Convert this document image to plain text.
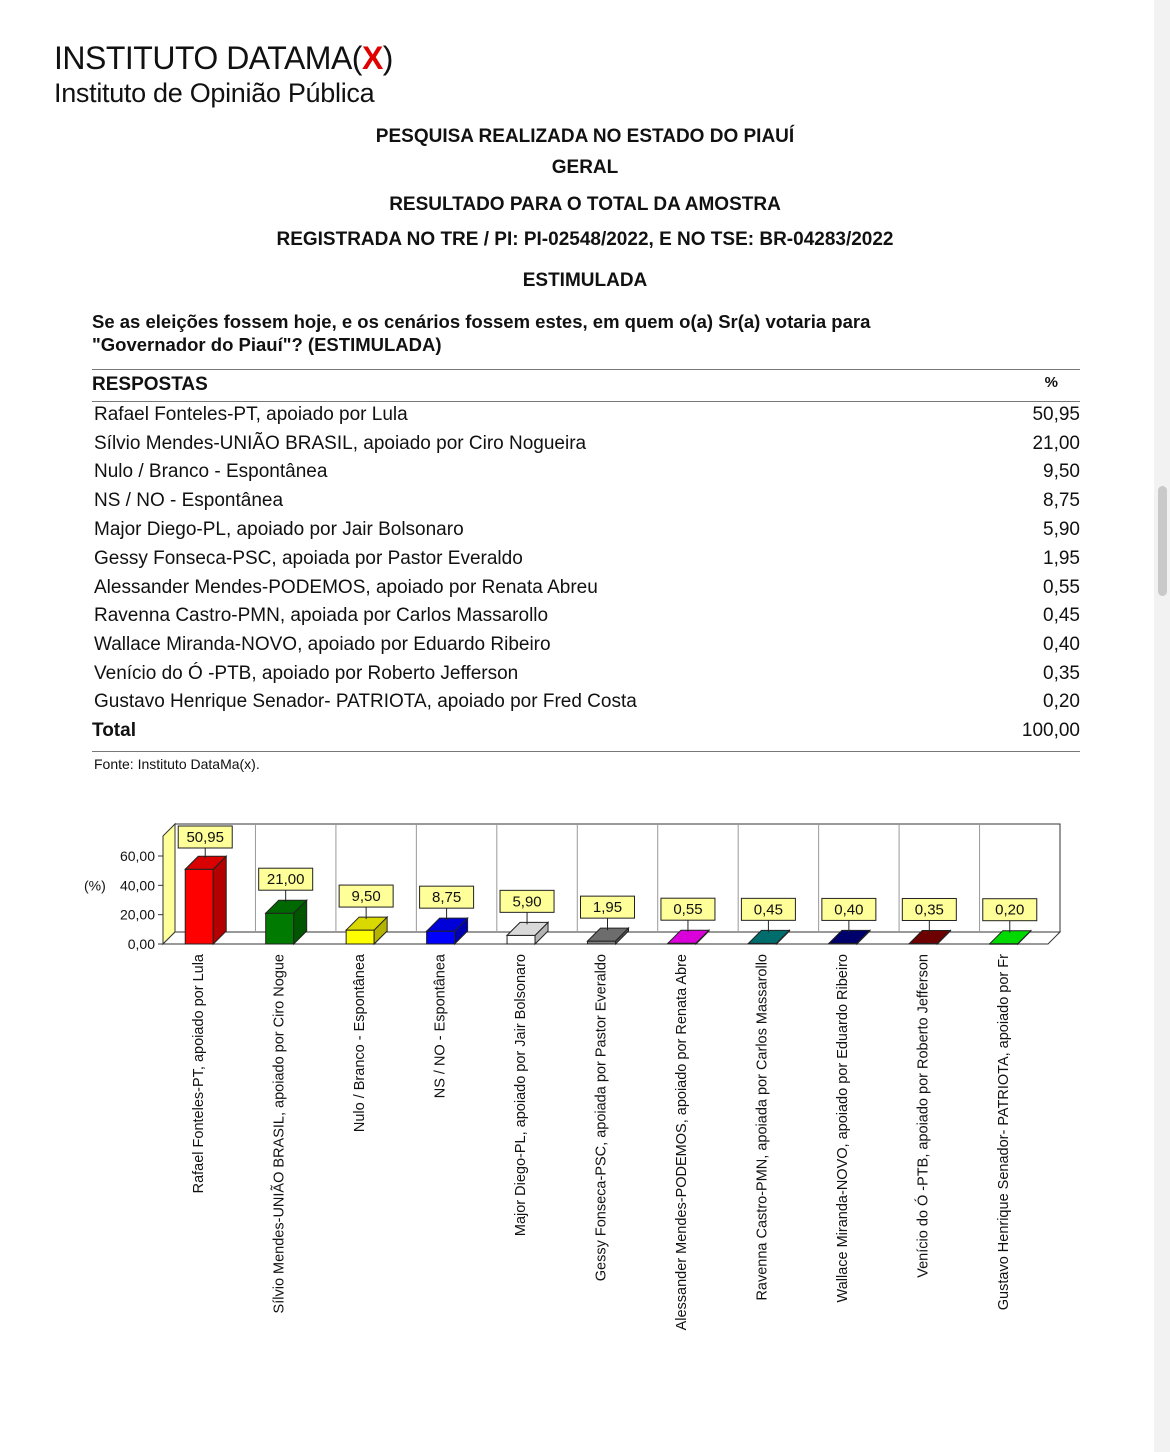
INSTITUTO DATAMA(X)
Instituto de Opinião Pública
PESQUISA REALIZADA NO ESTADO DO PIAUÍ
GERAL
RESULTADO PARA O TOTAL DA AMOSTRA
REGISTRADA NO TRE / PI: PI-02548/2022, E NO TSE: BR-04283/2022
ESTIMULADA
Se as eleições fossem hoje, e os cenários fossem estes, em quem o(a) Sr(a) votaria para
"Governador do Piauí"? (ESTIMULADA)
RESPOSTAS	%
Rafael Fonteles-PT, apoiado por Lula	50,95
Sílvio Mendes-UNIÃO BRASIL, apoiado por Ciro Nogueira	21,00
Nulo / Branco - Espontânea	9,50
NS / NO - Espontânea	8,75
Major Diego-PL, apoiado por Jair Bolsonaro	5,90
Gessy Fonseca-PSC, apoiada por Pastor Everaldo	1,95
Alessander Mendes-PODEMOS, apoiado por Renata Abreu	0,55
Ravenna Castro-PMN, apoiada por Carlos Massarollo	0,45
Wallace Miranda-NOVO, apoiado por Eduardo Ribeiro	0,40
Venício do Ó -PTB, apoiado por Roberto Jefferson	0,35
Gustavo Henrique Senador- PATRIOTA, apoiado por Fred Costa	0,20
Total	100,00
Fonte: Instituto DataMa(x).
60,00
40,00
20,00
0,00
(%)
50,95
Rafael Fonteles-PT, apoiado por Lula
21,00
Sílvio Mendes-UNIÃO BRASIL, apoiado por Ciro Nogue
9,50
Nulo / Branco - Espontânea
8,75
NS / NO - Espontânea
5,90
Major Diego-PL, apoiado por Jair Bolsonaro
1,95
Gessy Fonseca-PSC, apoiada por Pastor Everaldo
0,55
Alessander Mendes-PODEMOS, apoiado por Renata Abre
0,45
Ravenna Castro-PMN, apoiada por Carlos Massarollo
0,40
Wallace Miranda-NOVO, apoiado por Eduardo Ribeiro
0,35
Venício do Ó -PTB, apoiado por Roberto Jefferson
0,20
Gustavo Henrique Senador- PATRIOTA, apoiado por Fr
